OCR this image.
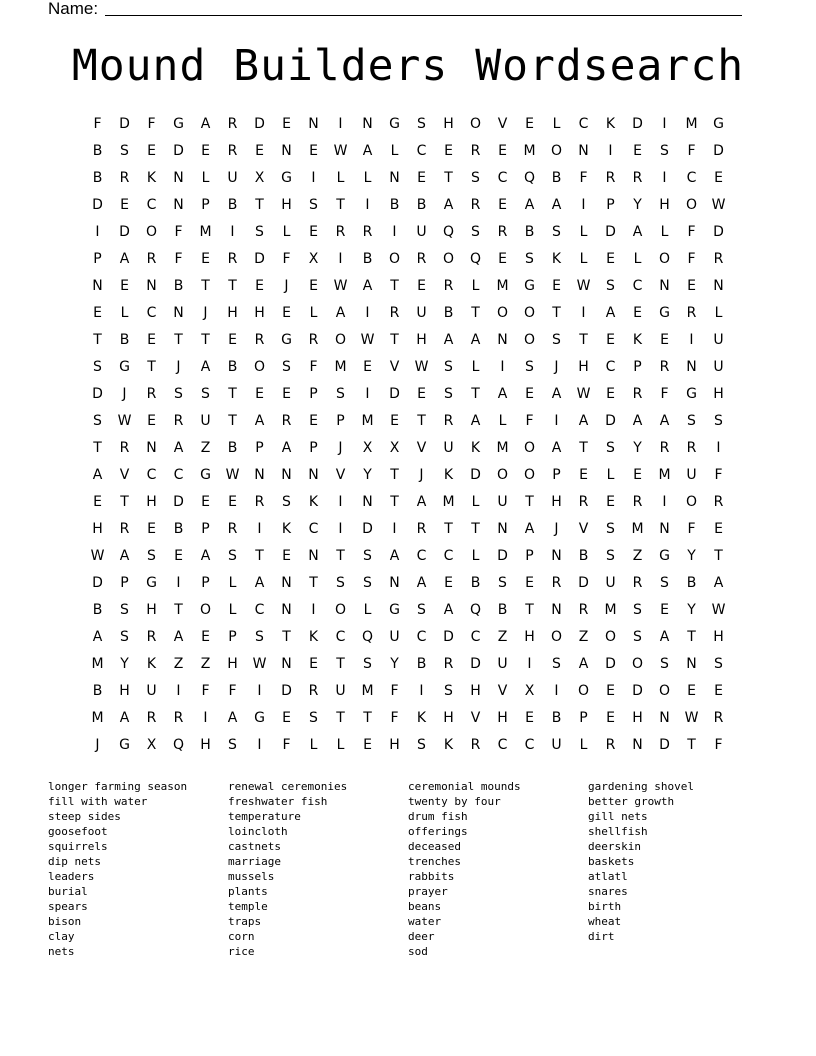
Name:
Mound Builders Wordsearch
F	D	F	G	A	R	D	E	N	I	N	G	S	H	O	V	E	L	C	K	D	I	M	G
B	S	E	D	E	R	E	N	E	W	A	L	C	E	R	E	M	O	N	I	E	S	F	D
B	R	K	N	L	U	X	G	I	L	L	N	E	T	S	C	Q	B	F	R	R	I	C	E
D	E	C	N	P	B	T	H	S	T	I	B	B	A	R	E	A	A	I	P	Y	H	O	W
I	D	O	F	M	I	S	L	E	R	R	I	U	Q	S	R	B	S	L	D	A	L	F	D
P	A	R	F	E	R	D	F	X	I	B	O	R	O	Q	E	S	K	L	E	L	O	F	R
N	E	N	B	T	T	E	J	E	W	A	T	E	R	L	M	G	E	W	S	C	N	E	N
E	L	C	N	J	H	H	E	L	A	I	R	U	B	T	O	O	T	I	A	E	G	R	L
T	B	E	T	T	E	R	G	R	O	W	T	H	A	A	N	O	S	T	E	K	E	I	U
S	G	T	J	A	B	O	S	F	M	E	V	W	S	L	I	S	J	H	C	P	R	N	U
D	J	R	S	S	T	E	E	P	S	I	D	E	S	T	A	E	A	W	E	R	F	G	H
S	W	E	R	U	T	A	R	E	P	M	E	T	R	A	L	F	I	A	D	A	A	S	S
T	R	N	A	Z	B	P	A	P	J	X	X	V	U	K	M	O	A	T	S	Y	R	R	I
A	V	C	C	G	W	N	N	N	V	Y	T	J	K	D	O	O	P	E	L	E	M	U	F
E	T	H	D	E	E	R	S	K	I	N	T	A	M	L	U	T	H	R	E	R	I	O	R
H	R	E	B	P	R	I	K	C	I	D	I	R	T	T	N	A	J	V	S	M	N	F	E
W	A	S	E	A	S	T	E	N	T	S	A	C	C	L	D	P	N	B	S	Z	G	Y	T
D	P	G	I	P	L	A	N	T	S	S	N	A	E	B	S	E	R	D	U	R	S	B	A
B	S	H	T	O	L	C	N	I	O	L	G	S	A	Q	B	T	N	R	M	S	E	Y	W
A	S	R	A	E	P	S	T	K	C	Q	U	C	D	C	Z	H	O	Z	O	S	A	T	H
M	Y	K	Z	Z	H	W	N	E	T	S	Y	B	R	D	U	I	S	A	D	O	S	N	S
B	H	U	I	F	F	I	D	R	U	M	F	I	S	H	V	X	I	O	E	D	O	E	E
M	A	R	R	I	A	G	E	S	T	T	F	K	H	V	H	E	B	P	E	H	N	W	R
J	G	X	Q	H	S	I	F	L	L	E	H	S	K	R	C	C	U	L	R	N	D	T	F
longer farming season
fill with water
steep sides
goosefoot
squirrels
dip nets
leaders
burial
spears
bison
clay
nets
renewal ceremonies
freshwater fish
temperature
loincloth
castnets
marriage
mussels
plants
temple
traps
corn
rice
ceremonial mounds
twenty by four
drum fish
offerings
deceased
trenches
rabbits
prayer
beans
water
deer
sod
gardening shovel
better growth
gill nets
shellfish
deerskin
baskets
atlatl
snares
birth
wheat
dirt
